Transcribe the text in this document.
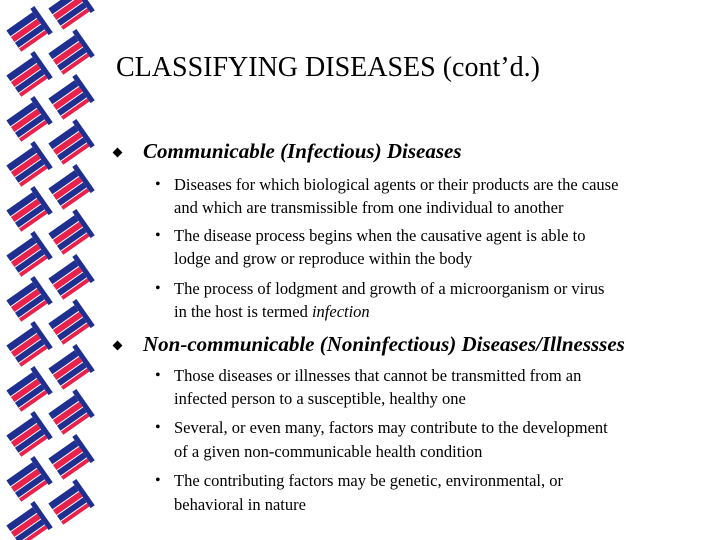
CLASSIFYING DISEASES (cont’d.)
Communicable (Infectious) Diseases
• Diseases for which biological agents or their products are the cause
and which are transmissible from one individual to another
• The disease process begins when the causative agent is able to
lodge and grow or reproduce within the body
• The process of lodgment and growth of a microorganism or virus
in the host is termed infection
Non-communicable (Noninfectious) Diseases/Illnessses
• Those diseases or illnesses that cannot be transmitted from an
infected person to a susceptible, healthy one
• Several, or even many, factors may contribute to the development
of a given non-communicable health condition
• The contributing factors may be genetic, environmental, or
behavioral in nature
